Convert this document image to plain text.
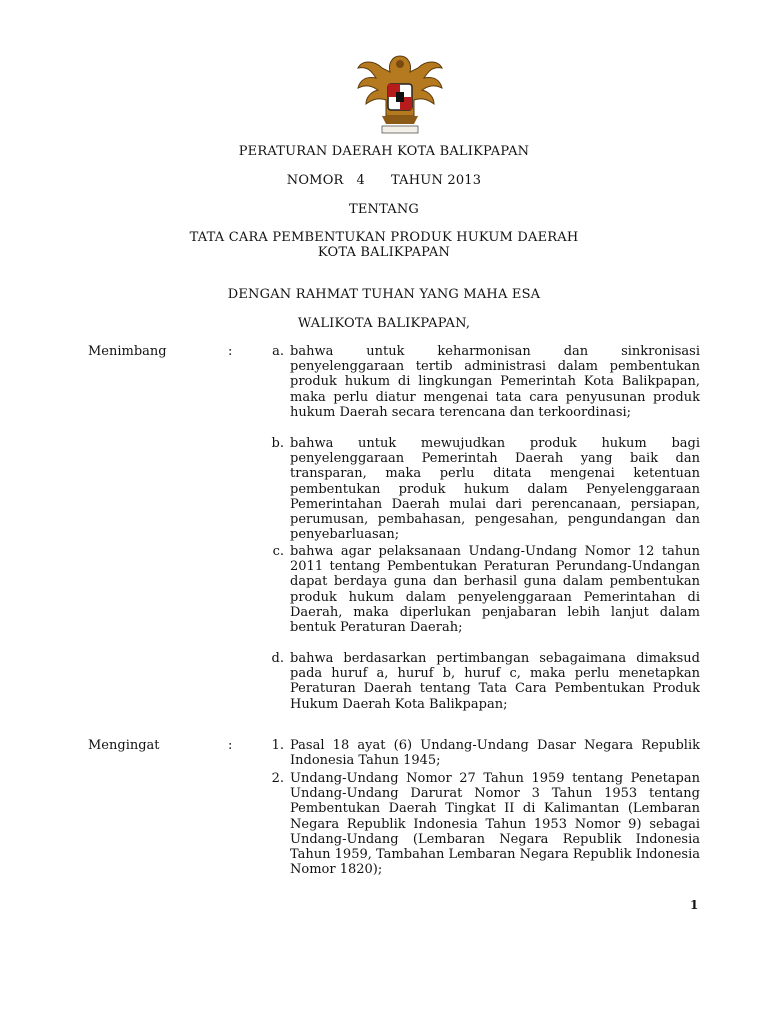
PERATURAN DAERAH KOTA BALIKPAPAN
NOMOR   4      TAHUN 2013
TENTANG
TATA CARA PEMBENTUKAN PRODUK HUKUM DAERAH
KOTA BALIKPAPAN
DENGAN RAHMAT TUHAN YANG MAHA ESA
WALIKOTA BALIKPAPAN,
Menimbang	:	a. bahwa untuk keharmonisan dan sinkronisasi penyelenggaraan tertib administrasi dalam pembentukan produk hukum di lingkungan Pemerintah Kota Balikpapan, maka perlu diatur mengenai tata cara penyusunan produk hukum Daerah secara terencana dan terkoordinasi;
b. bahwa untuk mewujudkan produk hukum bagi penyelenggaraan Pemerintah Daerah yang baik dan transparan, maka perlu ditata mengenai ketentuan pembentukan produk hukum dalam Penyelenggaraan Pemerintahan Daerah mulai dari perencanaan, persiapan, perumusan, pembahasan, pengesahan, pengundangan dan penyebarluasan;
c. bahwa agar pelaksanaan Undang-Undang Nomor 12 tahun 2011 tentang Pembentukan Peraturan Perundang-Undangan dapat berdaya guna dan berhasil guna dalam pembentukan produk hukum dalam penyelenggaraan Pemerintahan di Daerah, maka diperlukan penjabaran lebih lanjut dalam bentuk Peraturan Daerah;
d. bahwa berdasarkan pertimbangan sebagaimana dimaksud pada huruf a, huruf b, huruf c, maka perlu menetapkan Peraturan Daerah tentang Tata Cara Pembentukan Produk Hukum Daerah Kota Balikpapan;
Mengingat	:	1. Pasal 18 ayat (6) Undang-Undang Dasar Negara Republik Indonesia Tahun 1945;
2. Undang-Undang Nomor 27 Tahun 1959 tentang Penetapan Undang-Undang Darurat Nomor 3 Tahun 1953 tentang Pembentukan Daerah Tingkat II di Kalimantan (Lembaran Negara Republik Indonesia Tahun 1953 Nomor 9) sebagai Undang-Undang (Lembaran Negara Republik Indonesia Tahun 1959, Tambahan Lembaran Negara Republik Indonesia Nomor 1820);
1
